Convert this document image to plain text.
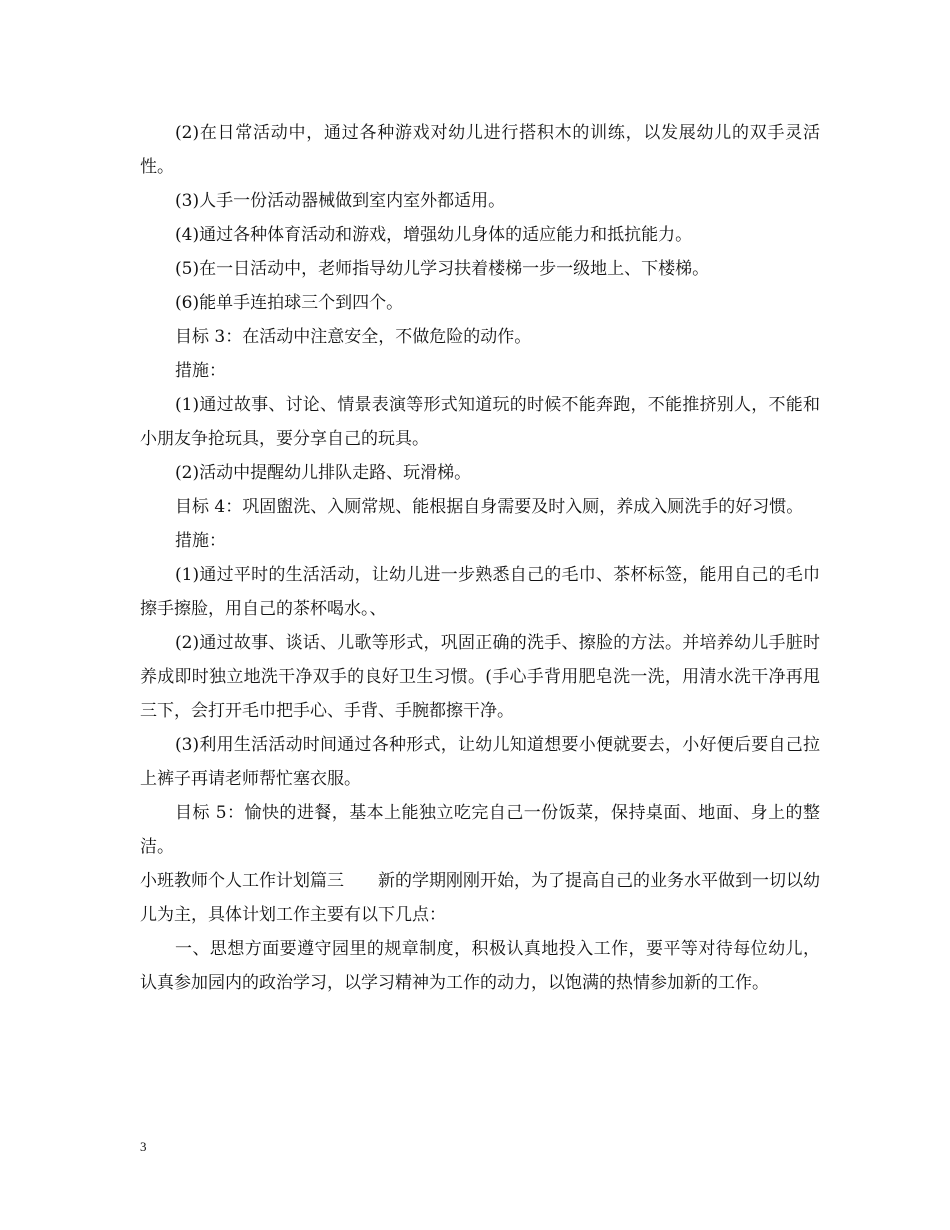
(2)在日常活动中，通过各种游戏对幼儿进行搭积木的训练，以发展幼儿的双手灵活性。

(3)人手一份活动器械做到室内室外都适用。

(4)通过各种体育活动和游戏，增强幼儿身体的适应能力和抵抗能力。

(5)在一日活动中，老师指导幼儿学习扶着楼梯一步一级地上、下楼梯。

(6)能单手连拍球三个到四个。

目标 3：在活动中注意安全，不做危险的动作。

措施：

(1)通过故事、讨论、情景表演等形式知道玩的时候不能奔跑，不能推挤别人，不能和小朋友争抢玩具，要分享自己的玩具。

(2)活动中提醒幼儿排队走路、玩滑梯。

目标 4：巩固盥洗、入厕常规、能根据自身需要及时入厕，养成入厕洗手的好习惯。

措施：

(1)通过平时的生活活动，让幼儿进一步熟悉自己的毛巾、茶杯标签，能用自己的毛巾擦手擦脸，用自己的茶杯喝水。、

(2)通过故事、谈话、儿歌等形式，巩固正确的洗手、擦脸的方法。并培养幼儿手脏时养成即时独立地洗干净双手的良好卫生习惯。(手心手背用肥皂洗一洗，用清水洗干净再甩三下，会打开毛巾把手心、手背、手腕都擦干净。

(3)利用生活活动时间通过各种形式，让幼儿知道想要小便就要去，小好便后要自己拉上裤子再请老师帮忙塞衣服。

目标 5：愉快的进餐，基本上能独立吃完自己一份饭菜，保持桌面、地面、身上的整洁。

小班教师个人工作计划篇三　　新的学期刚刚开始，为了提高自己的业务水平做到一切以幼儿为主，具体计划工作主要有以下几点：

一、思想方面要遵守园里的规章制度，积极认真地投入工作，要平等对待每位幼儿，认真参加园内的政治学习，以学习精神为工作的动力，以饱满的热情参加新的工作。

3
